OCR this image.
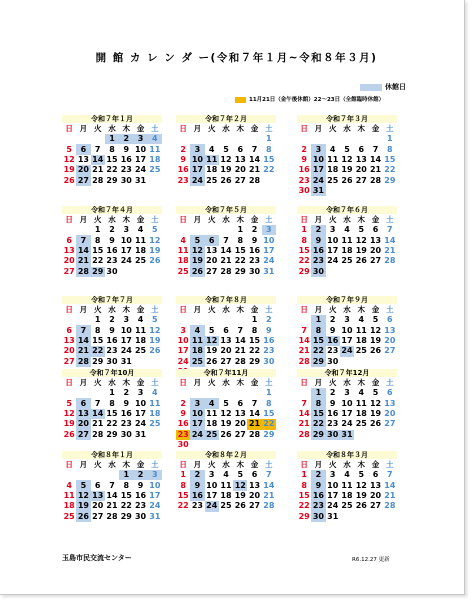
開 館 カ レ ン ダ ー(令和７年１月~令和８年３月)
休館日
11月21日（金午後休館）22～23日（全館臨時休館）
令和７年１月
日	月	火	水	木	金	土
			1	2	3	4
5	6	7	8	9	10	11
12	13	14	15	16	17	18
19	20	21	22	23	24	25
26	27	28	29	30	31	
令和７年２月
日	月	火	水	木	金	土
						1
2	3	4	5	6	7	8
9	10	11	12	13	14	15
16	17	18	19	20	21	22
23	24	25	26	27	28	
令和７年３月
日	月	火	水	木	金	土
						1
2	3	4	5	6	7	8
9	10	11	12	13	14	15
16	17	18	19	20	21	22
23	24	25	26	27	28	29
30	31					
令和７年４月
日	月	火	水	木	金	土
		1	2	3	4	5
6	7	8	9	10	11	12
13	14	15	16	17	18	19
20	21	22	23	24	25	26
27	28	29	30			
令和７年５月
日	月	火	水	木	金	土
				1	2	3
4	5	6	7	8	9	10
11	12	13	14	15	16	17
18	19	20	21	22	23	24
25	26	27	28	29	30	31
令和７年６月
日	月	火	水	木	金	土
1	2	3	4	5	6	7
8	9	10	11	12	13	14
15	16	17	18	19	20	21
22	23	24	25	26	27	28
29	30					
令和７年７月
日	月	火	水	木	金	土
		1	2	3	4	5
6	7	8	9	10	11	12
13	14	15	16	17	18	19
20	21	22	23	24	25	26
27	28	29	30	31		
令和７年８月
日	月	火	水	木	金	土
					1	2
3	4	5	6	7	8	9
10	11	12	13	14	15	16
17	18	19	20	21	22	23
24	25	26	27	28	29	30

令和７年９月
日	月	火	水	木	金	土
	1	2	3	4	5	6
7	8	9	10	11	12	13
14	15	16	17	18	19	20
21	22	23	24	25	26	27
28	29	30				
令和７年10月
日	月	火	水	木	金	土
			1	2	3	4
5	6	7	8	9	10	11
12	13	14	15	16	17	18
19	20	21	22	23	24	25
26	27	28	29	30	31	
令和７年11月
日	月	火	水	木	金	土
						1
2	3	4	5	6	7	8
9	10	11	12	13	14	15
16	17	18	19	20	21	22
23	24	25	26	27	28	29
30						
令和７年12月
日	月	火	水	木	金	土
	1	2	3	4	5	6
7	8	9	10	11	12	13
14	15	16	17	18	19	20
21	22	23	24	25	26	27
28	29	30	31			
令和８年１月
日	月	火	水	木	金	土
				1	2	3
4	5	6	7	8	9	10
11	12	13	14	15	16	17
18	19	20	21	22	23	24
25	26	27	28	29	30	31
令和８年２月
日	月	火	水	木	金	土
1	2	3	4	5	6	7
8	9	10	11	12	13	14
15	16	17	18	19	20	21
22	23	24	25	26	27	28
令和８年３月
日	月	火	水	木	金	土
1	2	3	4	5	6	7
8	9	10	11	12	13	14
15	16	17	18	19	20	21
22	23	24	25	26	27	28
29	30	31				
玉島市民交流センター	R6.12.27 更新
